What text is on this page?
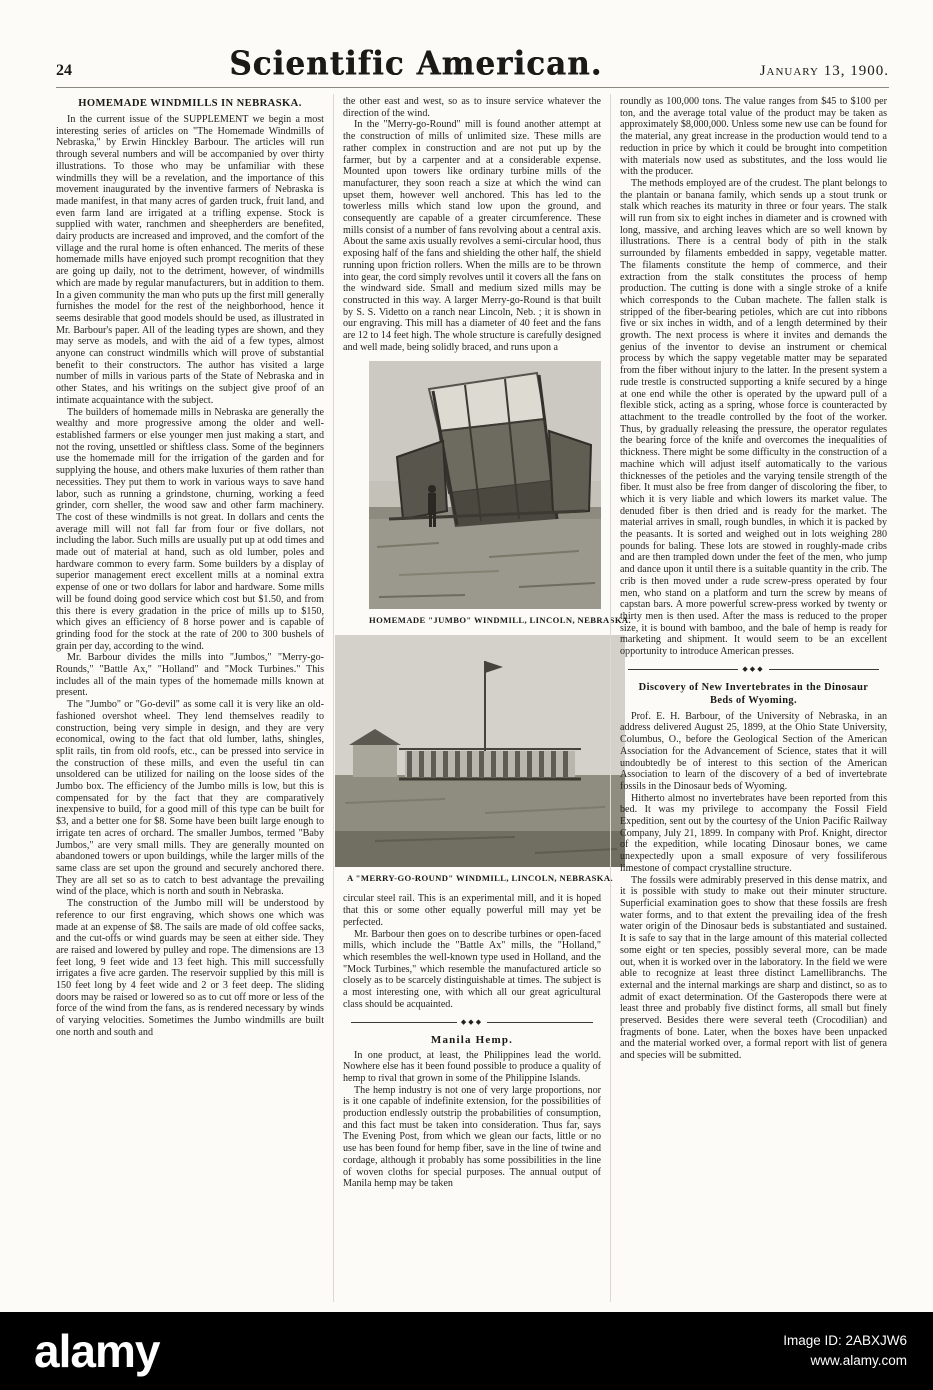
24	Scientific American.	January 13, 1900.
HOMEMADE WINDMILLS IN NEBRASKA.

In the current issue of the SUPPLEMENT we begin a most interesting series of articles on "The Homemade Windmills of Nebraska," by Erwin Hinckley Barbour. The articles will run through several numbers and will be accompanied by over thirty illustrations. To those who may be unfamiliar with these windmills they will be a revelation, and the importance of this movement inaugurated by the inventive farmers of Nebraska is made manifest, in that many acres of garden truck, fruit land, and even farm land are irrigated at a trifling expense. Stock is supplied with water, ranchmen and sheepherders are benefited, dairy products are increased and improved, and the comfort of the village and the rural home is often enhanced. The merits of these homemade mills have enjoyed such prompt recognition that they are going up daily, not to the detriment, however, of windmills which are made by regular manufacturers, but in addition to them. In a given community the man who puts up the first mill generally furnishes the model for the rest of the neighborhood, hence it seems desirable that good models should be used, as illustrated in Mr. Barbour's paper. All of the leading types are shown, and they may serve as models, and with the aid of a few types, almost anyone can construct windmills which will prove of substantial benefit to their constructors. The author has visited a large number of mills in various parts of the State of Nebraska and in other States, and his writings on the subject give proof of an intimate acquaintance with the subject.

The builders of homemade mills in Nebraska are generally the wealthy and more progressive among the older and well-established farmers or else younger men just making a start, and not the roving, unsettled or shiftless class. Some of the beginners use the homemade mill for the irrigation of the garden and for supplying the house, and others make luxuries of them rather than necessities. They put them to work in various ways to save hand labor, such as running a grindstone, churning, working a feed grinder, corn sheller, the wood saw and other farm machinery. The cost of these windmills is not great. In dollars and cents the average mill will not fall far from four or five dollars, not including the labor. Such mills are usually put up at odd times and made out of material at hand, such as old lumber, poles and hardware common to every farm. Some builders by a display of superior management erect excellent mills at a nominal extra expense of one or two dollars for labor and hardware. Some mills will be found doing good service which cost but $1.50, and from this there is every gradation in the price of mills up to $150, which gives an efficiency of 8 horse power and is capable of grinding food for the stock at the rate of 200 to 300 bushels of grain per day, according to the wind.

Mr. Barbour divides the mills into "Jumbos," "Merry-go-Rounds," "Battle Ax," "Holland" and "Mock Turbines." This includes all of the main types of the homemade mills known at present.

The "Jumbo" or "Go-devil" as some call it is very like an old-fashioned overshot wheel. They lend themselves readily to construction, being very simple in design, and they are very economical, owing to the fact that old lumber, laths, shingles, split rails, tin from old roofs, etc., can be pressed into service in the construction of these mills, and even the useful tin can unsoldered can be utilized for nailing on the loose sides of the Jumbo box. The efficiency of the Jumbo mills is low, but this is compensated for by the fact that they are comparatively inexpensive to build, for a good mill of this type can be built for $3, and a better one for $8. Some have been built large enough to irrigate ten acres of orchard. The smaller Jumbos, termed "Baby Jumbos," are very small mills. They are generally mounted on abandoned towers or upon buildings, while the larger mills of the same class are set upon the ground and securely anchored there. They are all set so as to catch to best advantage the prevailing wind of the place, which is north and south in Nebraska.

The construction of the Jumbo mill will be understood by reference to our first engraving, which shows one which was made at an expense of $8. The sails are made of old coffee sacks, and the cut-offs or wind guards may be seen at either side. They are raised and lowered by pulley and rope. The dimensions are 13 feet long, 9 feet wide and 13 feet high. This mill successfully irrigates a five acre garden. The reservoir supplied by this mill is 150 feet long by 4 feet wide and 2 or 3 feet deep. The sliding doors may be raised or lowered so as to cut off more or less of the force of the wind from the fans, as is rendered necessary by winds of varying velocities. Sometimes the Jumbo windmills are built one north and south and

the other east and west, so as to insure service whatever the direction of the wind.

In the "Merry-go-Round" mill is found another attempt at the construction of mills of unlimited size. These mills are rather complex in construction and are not put up by the farmer, but by a carpenter and at a considerable expense. Mounted upon towers like ordinary turbine mills of the manufacturer, they soon reach a size at which the wind can upset them, however well anchored. This has led to the towerless mills which stand low upon the ground, and consequently are capable of a greater circumference. These mills consist of a number of fans revolving about a central axis. About the same axis usually revolves a semi-circular hood, thus exposing half of the fans and shielding the other half, the shield running upon friction rollers. When the mills are to be thrown into gear, the cord simply revolves until it covers all the fans on the windward side. Small and medium sized mills may be constructed in this way. A larger Merry-go-Round is that built by S. S. Videtto on a ranch near Lincoln, Neb. ; it is shown in our engraving. This mill has a diameter of 40 feet and the fans are 12 to 14 feet high. The whole structure is carefully designed and well made, being solidly braced, and runs upon a

HOMEMADE "JUMBO" WINDMILL, LINCOLN, NEBRASKA.
A "MERRY-GO-ROUND" WINDMILL, LINCOLN, NEBRASKA.

circular steel rail. This is an experimental mill, and it is hoped that this or some other equally powerful mill may yet be perfected.

Mr. Barbour then goes on to describe turbines or open-faced mills, which include the "Battle Ax" mills, the "Holland," which resembles the well-known type used in Holland, and the "Mock Turbines," which resemble the manufactured article so closely as to be scarcely distinguishable at times. The subject is a most interesting one, with which all our great agricultural class should be acquainted.

◆◆◆
Manila Hemp.

In one product, at least, the Philippines lead the world. Nowhere else has it been found possible to produce a quality of hemp to rival that grown in some of the Philippine Islands.

The hemp industry is not one of very large proportions, nor is it one capable of indefinite extension, for the possibilities of production endlessly outstrip the probabilities of consumption, and this fact must be taken into consideration. Thus far, says The Evening Post, from which we glean our facts, little or no use has been found for hemp fiber, save in the line of twine and cordage, although it probably has some possibilities in the line of woven cloths for special purposes. The annual output of Manila hemp may be taken

roundly as 100,000 tons. The value ranges from $45 to $100 per ton, and the average total value of the product may be taken as approximately $8,000,000. Unless some new use can be found for the material, any great increase in the production would tend to a reduction in price by which it could be brought into competition with materials now used as substitutes, and the loss would lie with the producer.

The methods employed are of the crudest. The plant belongs to the plantain or banana family, which sends up a stout trunk or stalk which reaches its maturity in three or four years. The stalk will run from six to eight inches in diameter and is crowned with long, massive, and arching leaves which are so well known by illustrations. There is a central body of pith in the stalk surrounded by filaments embedded in sappy, vegetable matter. The filaments constitute the hemp of commerce, and their extraction from the stalk constitutes the process of hemp production. The cutting is done with a single stroke of a knife which corresponds to the Cuban machete. The fallen stalk is stripped of the fiber-bearing petioles, which are cut into ribbons five or six inches in width, and of a length determined by their growth. The next process is where it invites and demands the genius of the inventor to devise an instrument or chemical process by which the sappy vegetable matter may be separated from the fiber without injury to the latter. In the present system a rude trestle is constructed supporting a knife secured by a hinge at one end while the other is operated by the upward pull of a flexible stick, acting as a spring, whose force is counteracted by attachment to the treadle controlled by the foot of the worker. Thus, by gradually releasing the pressure, the operator regulates the bearing force of the knife and overcomes the inequalities of thickness. There might be some difficulty in the construction of a machine which will adjust itself automatically to the various thicknesses of the petioles and the varying tensile strength of the fiber. It must also be free from danger of discoloring the fiber, to which it is very liable and which lowers its market value. The denuded fiber is then dried and is ready for the market. The material arrives in small, rough bundles, in which it is packed by the peasants. It is sorted and weighed out in lots weighing 280 pounds for baling. These lots are stowed in roughly-made cribs and are then trampled down under the feet of the men, who jump and dance upon it until there is a suitable quantity in the crib. The crib is then moved under a rude screw-press operated by four men, who stand on a platform and turn the screw by means of capstan bars. A more powerful screw-press worked by twenty or thirty men is then used. After the mass is reduced to the proper size, it is bound with bamboo, and the bale of hemp is ready for marketing and shipment. It would seem to be an excellent opportunity to introduce American presses.

◆◆◆
Discovery of New Invertebrates in the Dinosaur Beds of Wyoming.

Prof. E. H. Barbour, of the University of Nebraska, in an address delivered August 25, 1899, at the Ohio State University, Columbus, O., before the Geological Section of the American Association for the Advancement of Science, states that it will undoubtedly be of interest to this section of the American Association to learn of the discovery of a bed of invertebrate fossils in the Dinosaur beds of Wyoming.

Hitherto almost no invertebrates have been reported from this bed. It was my privilege to accompany the Fossil Field Expedition, sent out by the courtesy of the Union Pacific Railway Company, July 21, 1899. In company with Prof. Knight, director of the expedition, while locating Dinosaur bones, we came unexpectedly upon a small exposure of very fossiliferous limestone of compact crystalline structure.

The fossils were admirably preserved in this dense matrix, and it is possible with study to make out their minuter structure. Superficial examination goes to show that these fossils are fresh water forms, and to that extent the prevailing idea of the fresh water origin of the Dinosaur beds is substantiated and sustained. It is safe to say that in the large amount of this material collected some eight or ten species, possibly several more, can be made out, when it is worked over in the laboratory. In the field we were able to recognize at least three distinct Lamellibranchs. The external and the internal markings are sharp and distinct, so as to admit of exact determination. Of the Gasteropods there were at least three and probably five distinct forms, all small but finely preserved. Besides there were several teeth (Crocodilian) and fragments of bone. Later, when the boxes have been unpacked and the material worked over, a formal report with list of genera and species will be submitted.

alamy	Image ID: 2ABXJW6
www.alamy.com
